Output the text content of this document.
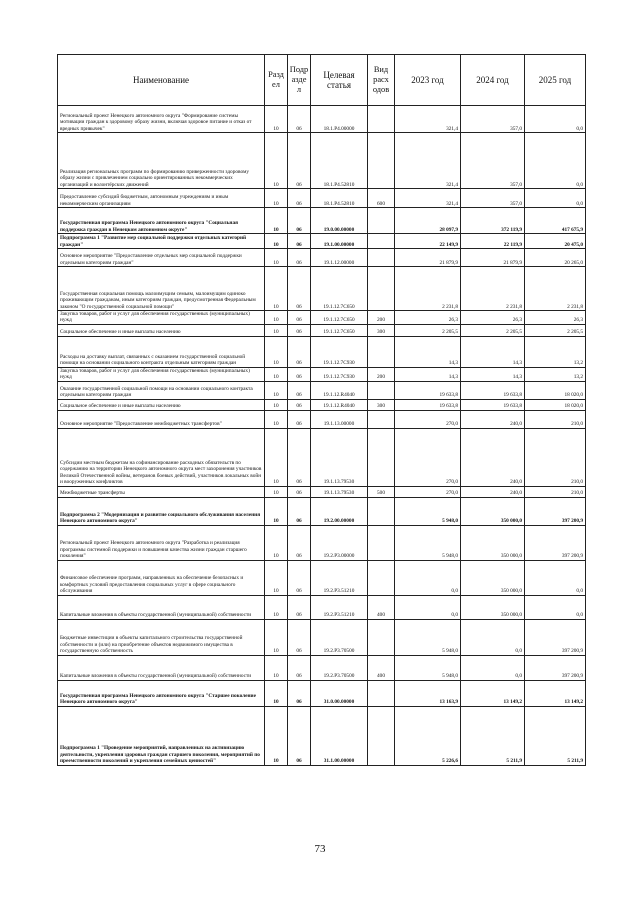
Наименование	Разд ел	Подр азде л	Целевая статья	Вид расх одов	2023 год	2024 год	2025 год
Региональный проект Ненецкого автономного округа "Формирование системы мотивации граждан к здоровому образу жизни, включая здоровое питание и отказ от вредных привычек"	10	06	18.1.Р4.00000		321,4	357,0	0,0
Реализация региональных программ по формированию приверженности здоровому образу жизни с привлечением социально ориентированных некоммерческих организаций и волонтёрских движений	10	06	18.1.Р4.52810		321,4	357,0	0,0
Предоставление субсидий бюджетным, автономным учреждениям и иным некоммерческим организациям	10	06	18.1.Р4.52810	600	321,4	357,0	0,0
Государственная программа Ненецкого автономного округа "Социальная поддержка граждан в Ненецком автономном округе"	10	06	19.0.00.00000		28 097,9	372 119,9	417 675,9
Подпрограмма 1 "Развитие мер социальной поддержки отдельных категорий граждан"	10	06	19.1.00.00000		22 149,9	22 119,9	20 475,0
Основное мероприятие "Предоставление отдельных мер социальной поддержки отдельным категориям граждан"	10	06	19.1.12.00000		21 879,9	21 879,9	20 265,0
Государственная социальная помощь малоимущим семьям, малоимущим одиноко проживающим гражданам, иным категориям граждан, предусмотренная Федеральным законом "О государственной социальной помощи"	10	06	19.1.12.7С650		2 231,8	2 231,8	2 231,8
Закупка товаров, работ и услуг для обеспечения государственных (муниципальных) нужд	10	06	19.1.12.7С650	200	26,3	26,3	26,3
Социальное обеспечение и иные выплаты населению	10	06	19.1.12.7С650	300	2 205,5	2 205,5	2 205,5
Расходы на доставку выплат, связанных с оказанием государственной социальной помощи на основании социального контракта отдельным категориям граждан	10	06	19.1.12.7С930		14,3	14,3	13,2
Закупка товаров, работ и услуг для обеспечения государственных (муниципальных) нужд	10	06	19.1.12.7С930	200	14,3	14,3	13,2
Оказание государственной социальной помощи на основании социального контракта отдельным категориям граждан	10	06	19.1.12.R4040		19 633,8	19 633,8	18 020,0
Социальное обеспечение и иные выплаты населению	10	06	19.1.12.R4040	300	19 633,8	19 633,8	18 020,0
Основное мероприятие "Предоставление межбюджетных трансфертов"	10	06	19.1.13.00000		270,0	240,0	210,0
Субсидии местным бюджетам на софинансирование расходных обязательств по содержанию на территории Ненецкого автономного округа мест захоронения участников Великой Отечественной войны, ветеранов боевых действий, участников локальных войн и вооруженных конфликтов	10	06	19.1.13.79530		270,0	240,0	210,0
Межбюджетные трансферты	10	06	19.1.13.79530	500	270,0	240,0	210,0
Подпрограмма 2 "Модернизация и развитие социального обслуживания населения Ненецкого автономного округа"	10	06	19.2.00.00000		5 948,0	350 000,0	397 200,9
Региональный проект Ненецкого автономного округа "Разработка и реализация программы системной поддержки и повышения качества жизни граждан старшего поколения"	10	06	19.2.Р3.00000		5 948,0	350 000,0	397 200,9
Финансовое обеспечение программ, направленных на обеспечение безопасных и комфортных условий предоставления социальных услуг в сфере социального обслуживания	10	06	19.2.Р3.51210		0,0	350 000,0	0,0
Капитальные вложения в объекты государственной (муниципальной) собственности	10	06	19.2.Р3.51210	400	0,0	350 000,0	0,0
Бюджетные инвестиции в объекты капитального строительства государственной собственности и (или) на приобретение объектов недвижимого имущества в государственную собственность	10	06	19.2.Р3.70500		5 948,0	0,0	397 200,9
Капитальные вложения в объекты государственной (муниципальной) собственности	10	06	19.2.Р3.70500	400	5 948,0	0,0	397 200,9
Государственная программа Ненецкого автономного округа "Старшее поколение Ненецкого автономного округа"	10	06	31.0.00.00000		13 163,9	13 149,2	13 149,2
Подпрограмма 1 "Проведение мероприятий, направленных на активизацию деятельности, укрепления здоровья граждан старшего поколения, мероприятий по преемственности поколений и укрепления семейных ценностей"	10	06	31.1.00.00000		5 226,6	5 211,9	5 211,9
73
